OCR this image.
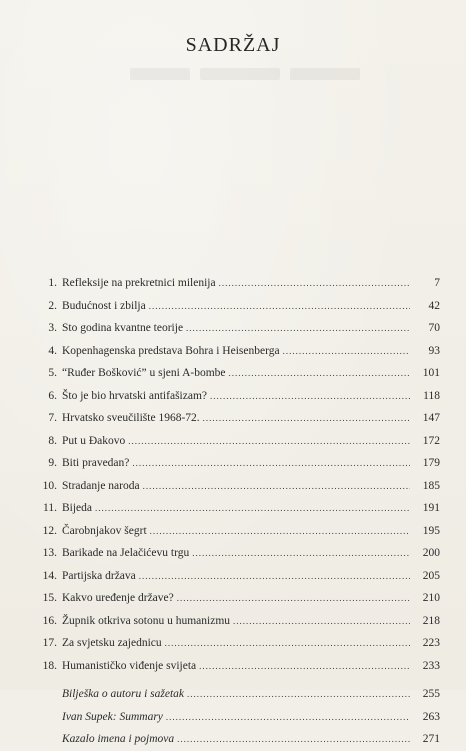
SADRŽAJ
1. Refleksije na prekretnici milenija .....	7
2. Budućnost i zbilja .....	42
3. Sto godina kvantne teorije .....	70
4. Kopenhagenska predstava Bohra i Heisenberga .....	93
5. “Ruđer Bošković” u sjeni A-bombe .....	101
6. Što je bio hrvatski antifašizam? .....	118
7. Hrvatsko sveučilište 1968-72. .....	147
8. Put u Đakovo .....	172
9. Biti pravedan? .....	179
10. Stradanje naroda .....	185
11. Bijeda .....	191
12. Čarobnjakov šegrt .....	195
13. Barikade na Jelačićevu trgu .....	200
14. Partijska država .....	205
15. Kakvo uređenje države? .....	210
16. Župnik otkriva sotonu u humanizmu .....	218
17. Za svjetsku zajednicu .....	223
18. Humanističko viđenje svijeta .....	233
Bilješka o autoru i sažetak .....	255
Ivan Supek: Summary .....	263
Kazalo imena i pojmova .....	271
